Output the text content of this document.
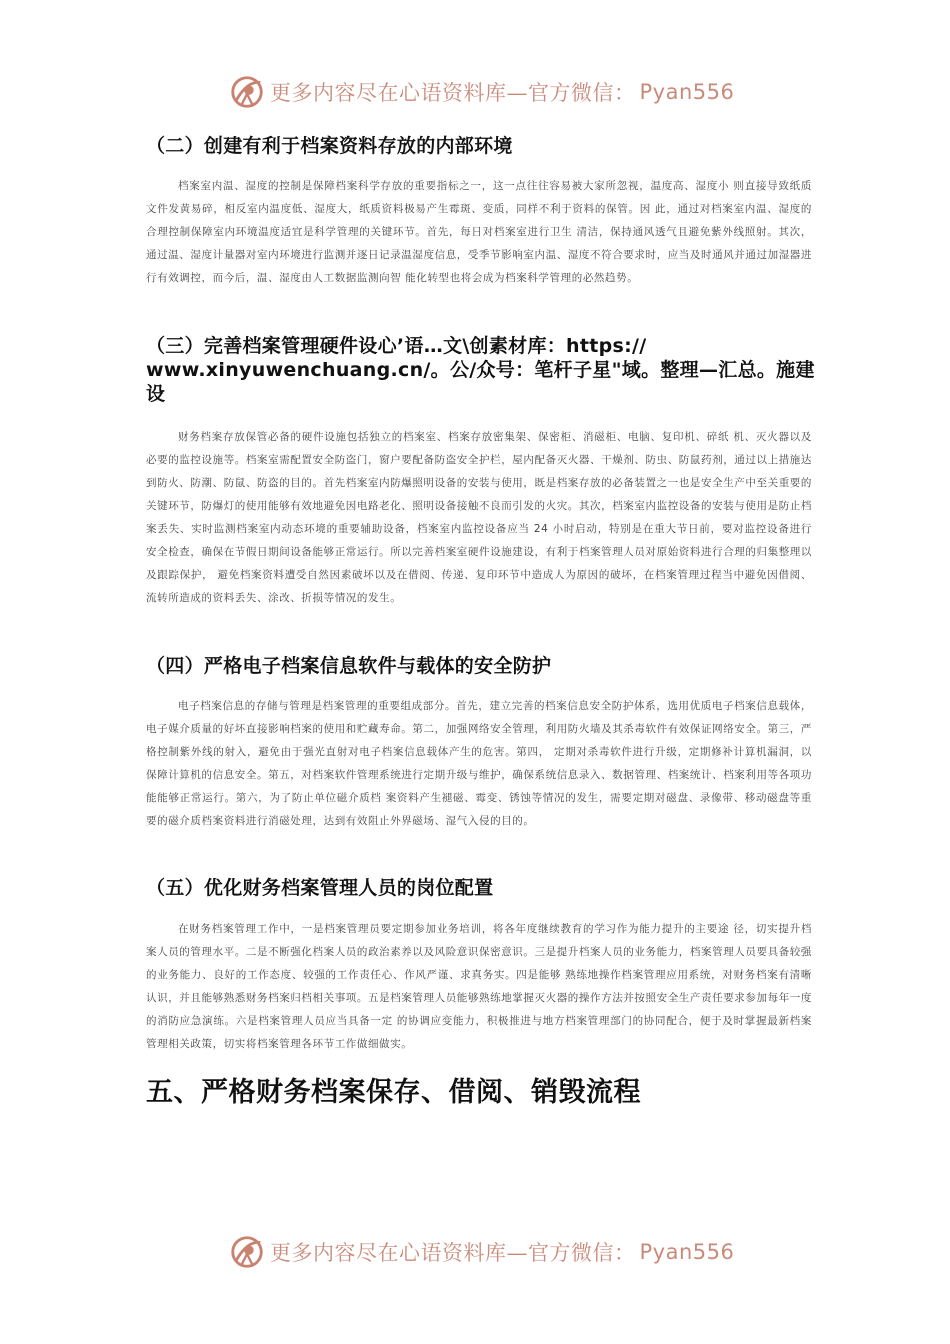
更多内容尽在心语资料库—官方微信： Pyan556
（二）创建有利于档案资料存放的内部环境
档案室内温、湿度的控制是保障档案科学存放的重要指标之一，这一点往往容易被大家所忽视，温度高、湿度小 则直接导致纸质文件发黄易碎，相反室内温度低、湿度大，纸质资料极易产生霉斑、变质，同样不利于资料的保管。因 此，通过对档案室内温、湿度的合理控制保障室内环境温度适宜是科学管理的关键环节。首先，每日对档案室进行卫生 清洁，保持通风透气且避免紫外线照射。其次，通过温、湿度计量器对室内环境进行监测并逐日记录温湿度信息，受季节影响室内温、湿度不符合要求时，应当及时通风并通过加湿器进行有效调控，而今后，温、湿度由人工数据监测向智 能化转型也将会成为档案科学管理的必然趋势。
（三）完善档案管理硬件设心’语…文\创素材库：https:// www.xinyuwenchuang.cn/。公/众号：笔杆子星"域。整理—汇总。施建设
财务档案存放保管必备的硬件设施包括独立的档案室、档案存放密集架、保密柜、消磁柜、电脑、复印机、碎纸 机、灭火器以及必要的监控设施等。档案室需配置安全防盗门，窗户要配备防盗安全护栏，屋内配备灭火器、干燥剂、防虫、防鼠药剂，通过以上措施达到防火、防潮、防鼠、防盗的目的。首先档案室内防爆照明设备的安装与使用，既是档案存放的必备装置之一也是安全生产中至关重要的关键环节，防爆灯的使用能够有效地避免因电路老化、照明设备接触不良而引发的火灾。其次，档案室内监控设备的安装与使用是防止档案丢失、实时监测档案室内动态环境的重要辅助设备，档案室内监控设备应当 24 小时启动，特别是在重大节日前，要对监控设备进行安全检查，确保在节假日期间设备能够正常运行。所以完善档案室硬件设施建设，有利于档案管理人员对原始资料进行合理的归集整理以及跟踪保护， 避免档案资料遭受自然因素破坏以及在借阅、传递、复印环节中造成人为原因的破坏，在档案管理过程当中避免因借阅、流转所造成的资料丢失、涂改、折损等情况的发生。
（四）严格电子档案信息软件与载体的安全防护
电子档案信息的存储与管理是档案管理的重要组成部分。首先，建立完善的档案信息安全防护体系，选用优质电子档案信息载体，电子媒介质量的好坏直接影响档案的使用和贮藏寿命。第二，加强网络安全管理，利用防火墙及其杀毒软件有效保证网络安全。第三，严格控制紫外线的射入，避免由于强光直射对电子档案信息载体产生的危害。第四， 定期对杀毒软件进行升级，定期修补计算机漏洞，以保障计算机的信息安全。第五，对档案软件管理系统进行定期升级与维护，确保系统信息录入、数据管理、档案统计、档案利用等各项功能能够正常运行。第六，为了防止单位磁介质档 案资料产生褪磁、霉变、锈蚀等情况的发生，需要定期对磁盘、录像带、移动磁盘等重要的磁介质档案资料进行消磁处理，达到有效阻止外界磁场、湿气入侵的目的。
（五）优化财务档案管理人员的岗位配置
在财务档案管理工作中，一是档案管理员要定期参加业务培训，将各年度继续教育的学习作为能力提升的主要途 径，切实提升档案人员的管理水平。二是不断强化档案人员的政治素养以及风险意识保密意识。三是提升档案人员的业务能力，档案管理人员要具备较强的业务能力、良好的工作态度、较强的工作责任心、作风严谨、求真务实。四是能够 熟练地操作档案管理应用系统，对财务档案有清晰认识，并且能够熟悉财务档案归档相关事项。五是档案管理人员能够熟练地掌握灭火器的操作方法并按照安全生产责任要求参加每年一度的消防应急演练。六是档案管理人员应当具备一定 的协调应变能力，积极推进与地方档案管理部门的协同配合，便于及时掌握最新档案管理相关政策，切实将档案管理各环节工作做细做实。
五、严格财务档案保存、借阅、销毁流程
更多内容尽在心语资料库—官方微信： Pyan556
